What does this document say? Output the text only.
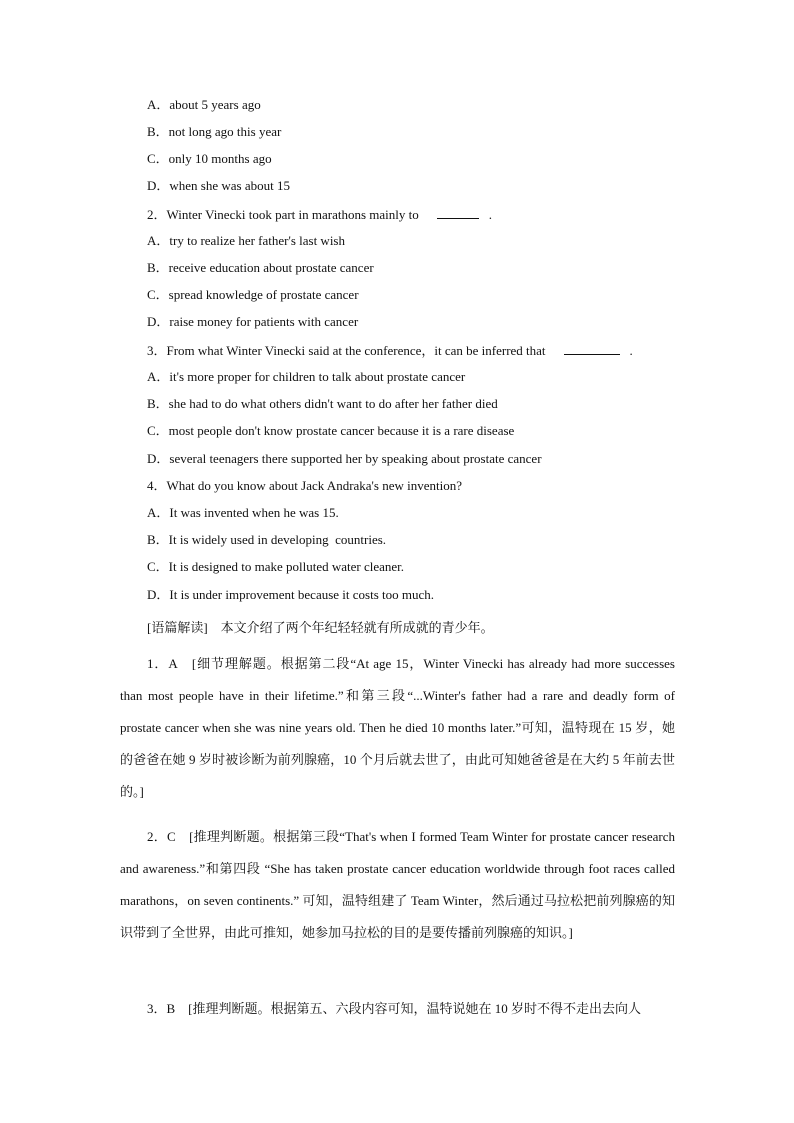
A．about 5 years ago
B．not long ago this year
C．only 10 months ago
D．when she was about 15
2．Winter Vinecki took part in marathons mainly to	.
A．try to realize her father's last wish
B．receive education about prostate cancer
C．spread knowledge of prostate cancer
D．raise money for patients with cancer
3．From what Winter Vinecki said at the conference，it can be inferred that	.
A．it's more proper for children to talk about prostate cancer
B．she had to do what others didn't want to do after her father died
C．most people don't know prostate cancer because it is a rare disease
D．several teenagers there supported her by speaking about prostate cancer
4．What do you know about Jack Andraka's new invention?
A．It was invented when he was 15.
B．It is widely used in developing  countries.
C．It is designed to make polluted water cleaner.
D．It is under improvement because it costs too much.
[语篇解读]　本文介绍了两个年纪轻轻就有所成就的青少年。
1．A　[细节理解题。根据第二段“At age 15，Winter Vinecki has already had more successes than most people have in their lifetime.”和第三段“...Winter's father had a rare and deadly form of prostate cancer when she was nine years old. Then he died 10 months later.”可知，温特现在 15 岁，她的爸爸在她 9 岁时被诊断为前列腺癌，10 个月后就去世了，由此可知她爸爸是在大约 5 年前去世的。]
2．C　[推理判断题。根据第三段“That's when I formed Team Winter for prostate cancer research and awareness.”和第四段 “She has taken prostate cancer education worldwide through foot races called marathons，on seven continents.” 可知，温特组建了 Team Winter，然后通过马拉松把前列腺癌的知识带到了全世界，由此可推知，她参加马拉松的目的是要传播前列腺癌的知识。]
3．B　[推理判断题。根据第五、六段内容可知，温特说她在 10 岁时不得不走出去向人
